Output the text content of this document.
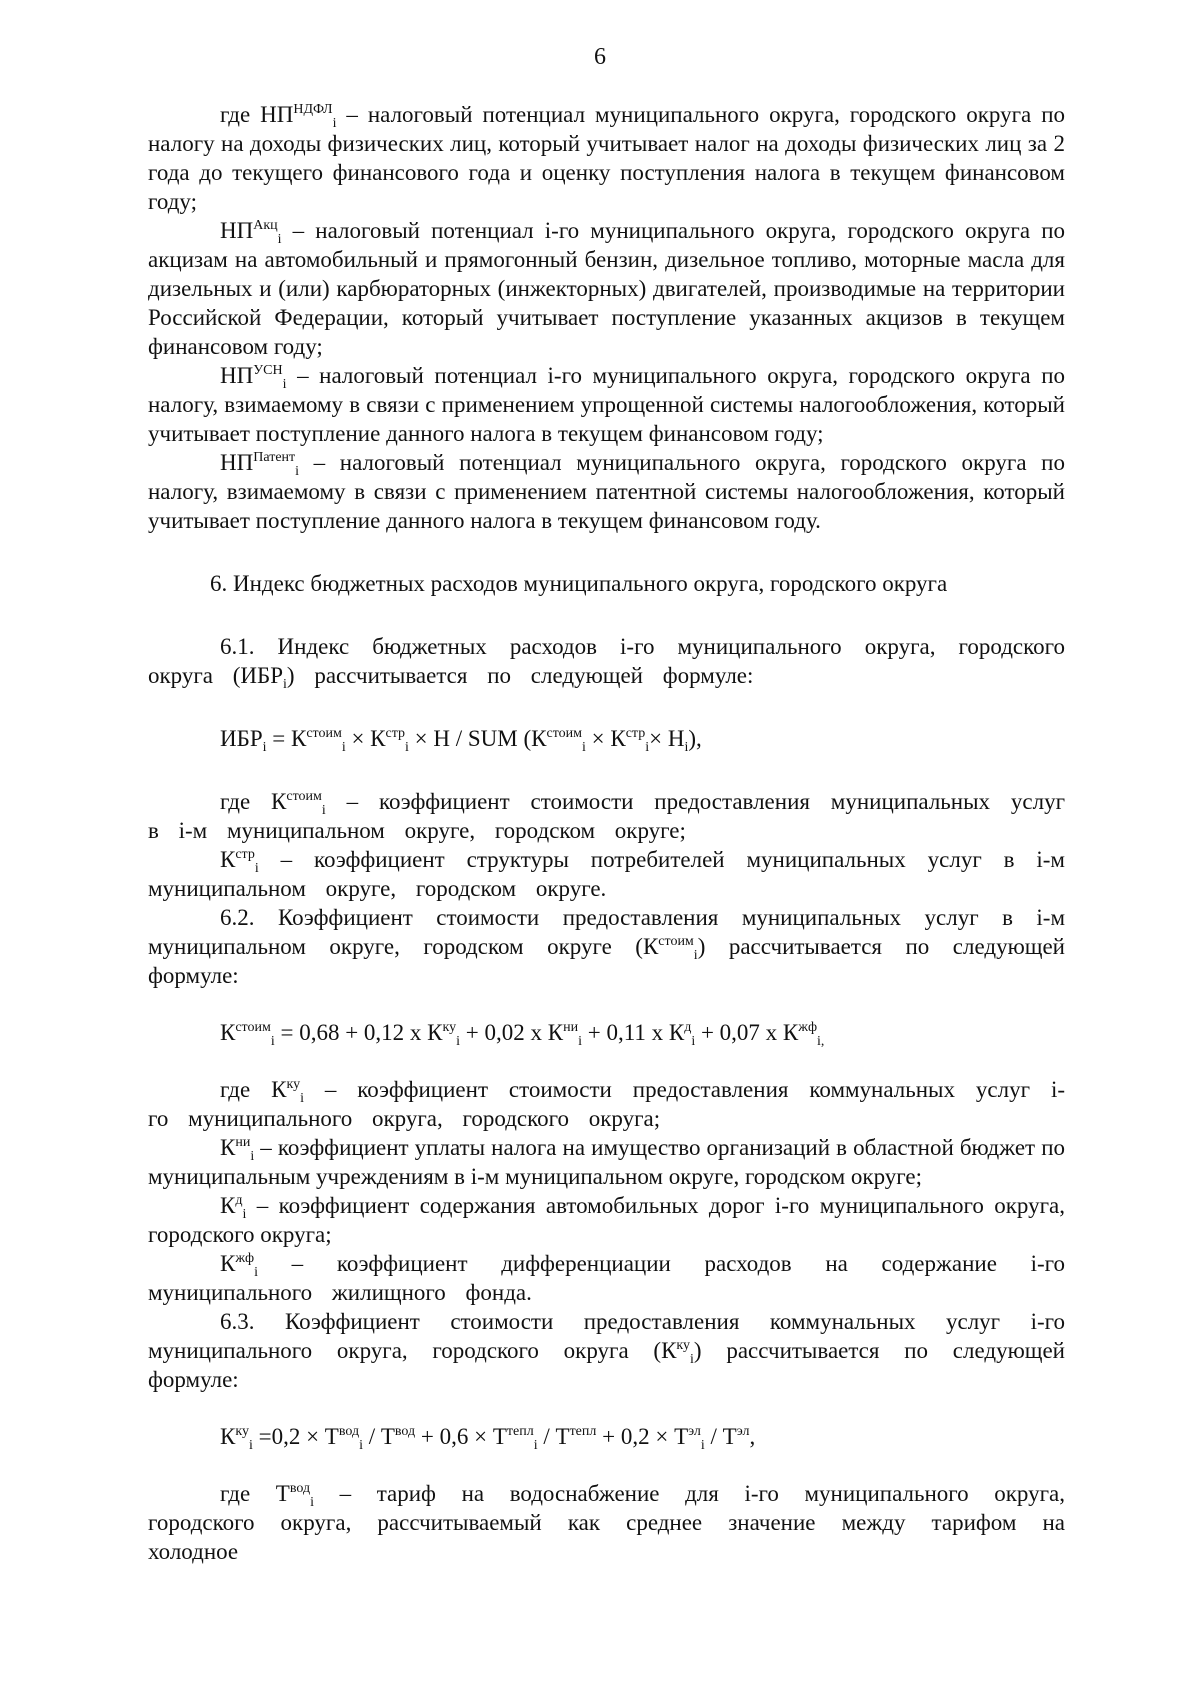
6

где $НП^{НДФЛ}_i$ – налоговый потенциал муниципального округа, городского округа по налогу на доходы физических лиц, который учитывает налог на доходы физических лиц за 2 года до текущего финансового года и оценку поступления налога в текущем финансовом году;

$НП^{Акц}_i$ – налоговый потенциал i-го муниципального округа, городского округа по акцизам на автомобильный и прямогонный бензин, дизельное топливо, моторные масла для дизельных и (или) карбюраторных (инжекторных) двигателей, производимые на территории Российской Федерации, который учитывает поступление указанных акцизов в текущем финансовом году;

$НП^{УСН}_i$ – налоговый потенциал i-го муниципального округа, городского округа по налогу, взимаемому в связи с применением упрощенной системы налогообложения, который учитывает поступление данного налога в текущем финансовом году;

$НП^{Патент}_i$ – налоговый потенциал муниципального округа, городского округа по налогу, взимаемому в связи с применением патентной системы налогообложения, который учитывает поступление данного налога в текущем финансовом году.

6. Индекс бюджетных расходов муниципального округа, городского округа

6.1. Индекс бюджетных расходов i-го муниципального округа, городского округа $(ИБР_i)$ рассчитывается по следующей формуле:

$ИБР_i = К^{стоим}_i \times К^{стр}_i \times Н$ / SUM $(К^{стоим}_i \times К^{стр}_i\times Н_i)$,

где $К^{стоим}_i$ – коэффициент стоимости предоставления муниципальных услуг в i-м муниципальном округе, городском округе;

$К^{стр}_i$ – коэффициент структуры потребителей муниципальных услуг в i-м муниципальном округе, городском округе.

6.2. Коэффициент стоимости предоставления муниципальных услуг в i-м муниципальном округе, городском округе $(К^{стоим}_i)$ рассчитывается по следующей формуле:

$К^{стоим}_i = 0,68 + 0,12$ х $К^{ку}_i + 0,02$ х $К^{ни}_i + 0,11$ х $К^д_i + 0,07$ х $К^{жф}_{i,}$

где $К^{ку}_i$ – коэффициент стоимости предоставления коммунальных услуг i-го муниципального округа, городского округа;

$К^{ни}_i$ – коэффициент уплаты налога на имущество организаций в областной бюджет по муниципальным учреждениям в i-м муниципальном округе, городском округе;

$К^д_i$ – коэффициент содержания автомобильных дорог i-го муниципального округа, городского округа;

$К^{жф}_i$ – коэффициент дифференциации расходов на содержание i-го муниципального жилищного фонда.

6.3. Коэффициент стоимости предоставления коммунальных услуг i-го муниципального округа, городского округа $(К^{ку}_i)$ рассчитывается по следующей формуле:

$К^{ку}_i =0,2 \times Т^{вод}_i / Т^{вод} + 0,6 \times Т^{тепл}_i / Т^{тепл} + 0,2 \times Т^{эл}_i / Т^{эл}$,

где $Т^{вод}_i$ – тариф на водоснабжение для i-го муниципального округа, городского округа, рассчитываемый как среднее значение между тарифом на холодное
